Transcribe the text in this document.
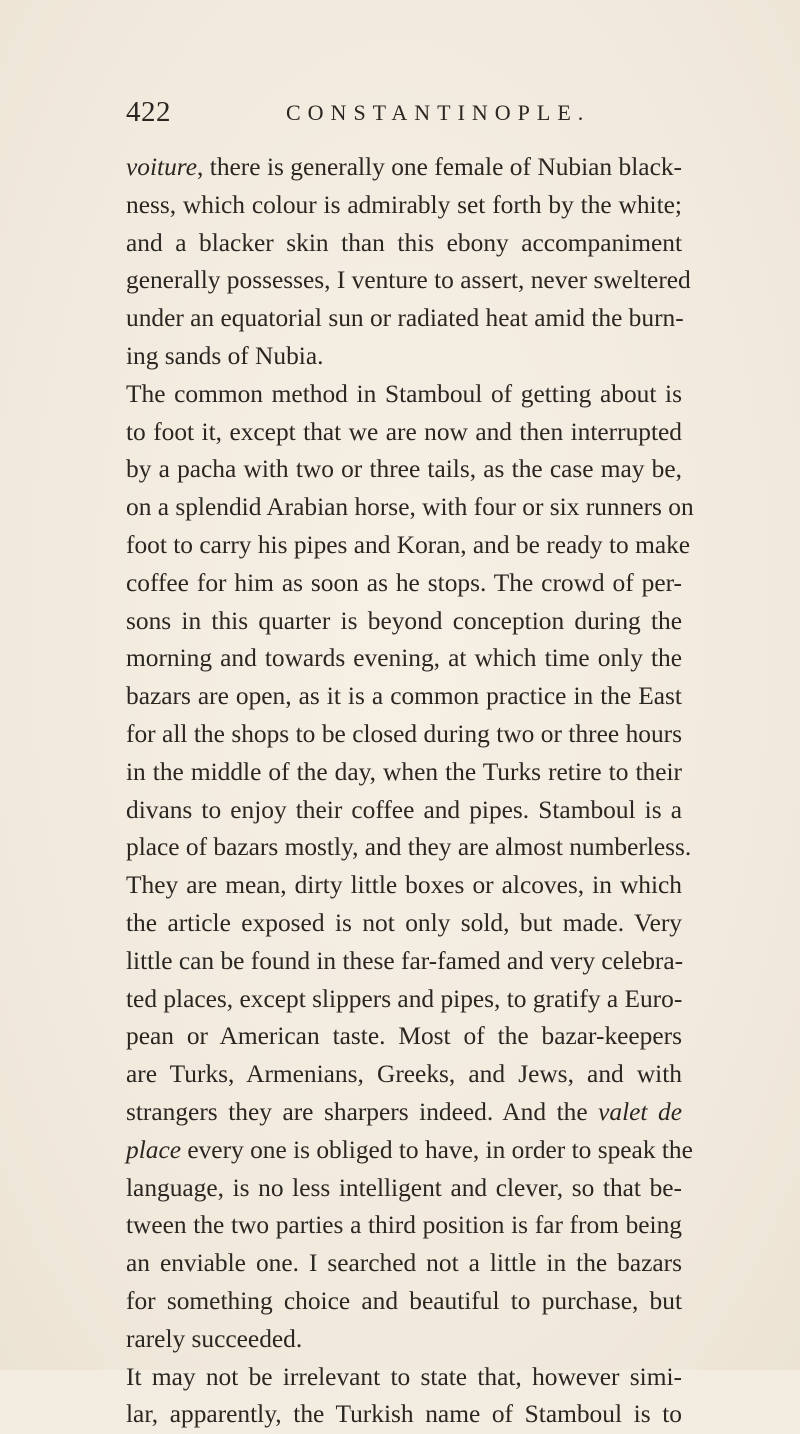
422	CONSTANTINOPLE.
voiture, there is generally one female of Nubian black-
ness, which colour is admirably set forth by the white;
and a blacker skin than this ebony accompaniment
generally possesses, I venture to assert, never sweltered
under an equatorial sun or radiated heat amid the burn-
ing sands of Nubia.
The common method in Stamboul of getting about is
to foot it, except that we are now and then interrupted
by a pacha with two or three tails, as the case may be,
on a splendid Arabian horse, with four or six runners on
foot to carry his pipes and Koran, and be ready to make
coffee for him as soon as he stops. The crowd of per-
sons in this quarter is beyond conception during the
morning and towards evening, at which time only the
bazars are open, as it is a common practice in the East
for all the shops to be closed during two or three hours
in the middle of the day, when the Turks retire to their
divans to enjoy their coffee and pipes. Stamboul is a
place of bazars mostly, and they are almost numberless.
They are mean, dirty little boxes or alcoves, in which
the article exposed is not only sold, but made. Very
little can be found in these far-famed and very celebra-
ted places, except slippers and pipes, to gratify a Euro-
pean or American taste. Most of the bazar-keepers
are Turks, Armenians, Greeks, and Jews, and with
strangers they are sharpers indeed. And the valet de
place every one is obliged to have, in order to speak the
language, is no less intelligent and clever, so that be-
tween the two parties a third position is far from being
an enviable one. I searched not a little in the bazars
for something choice and beautiful to purchase, but
rarely succeeded.
It may not be irrelevant to state that, however simi-
lar, apparently, the Turkish name of Stamboul is to
